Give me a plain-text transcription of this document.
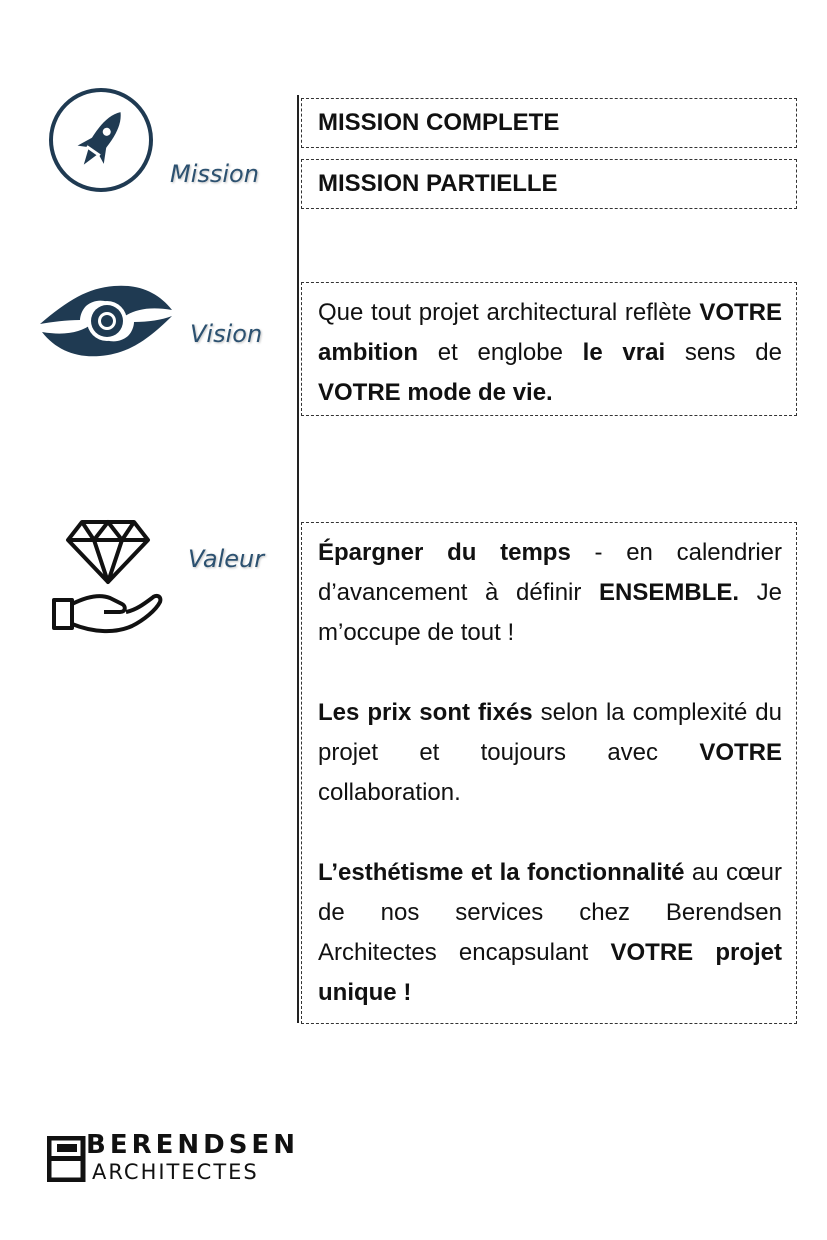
Mission
Vision
Valeur
MISSION COMPLETE
MISSION PARTIELLE

Que tout projet architectural reflète VOTRE ambition et englobe le vrai sens de VOTRE mode de vie.

Épargner du temps - en calendrier d’avancement à définir ENSEMBLE. Je m’occupe de tout !

Les prix sont fixés selon la complexité du projet et toujours avec VOTRE collaboration.

L’esthétisme et la fonctionnalité au cœur de nos services chez Berendsen Architectes encapsulant VOTRE projet unique !

BERENDSEN
ARCHITECTES
